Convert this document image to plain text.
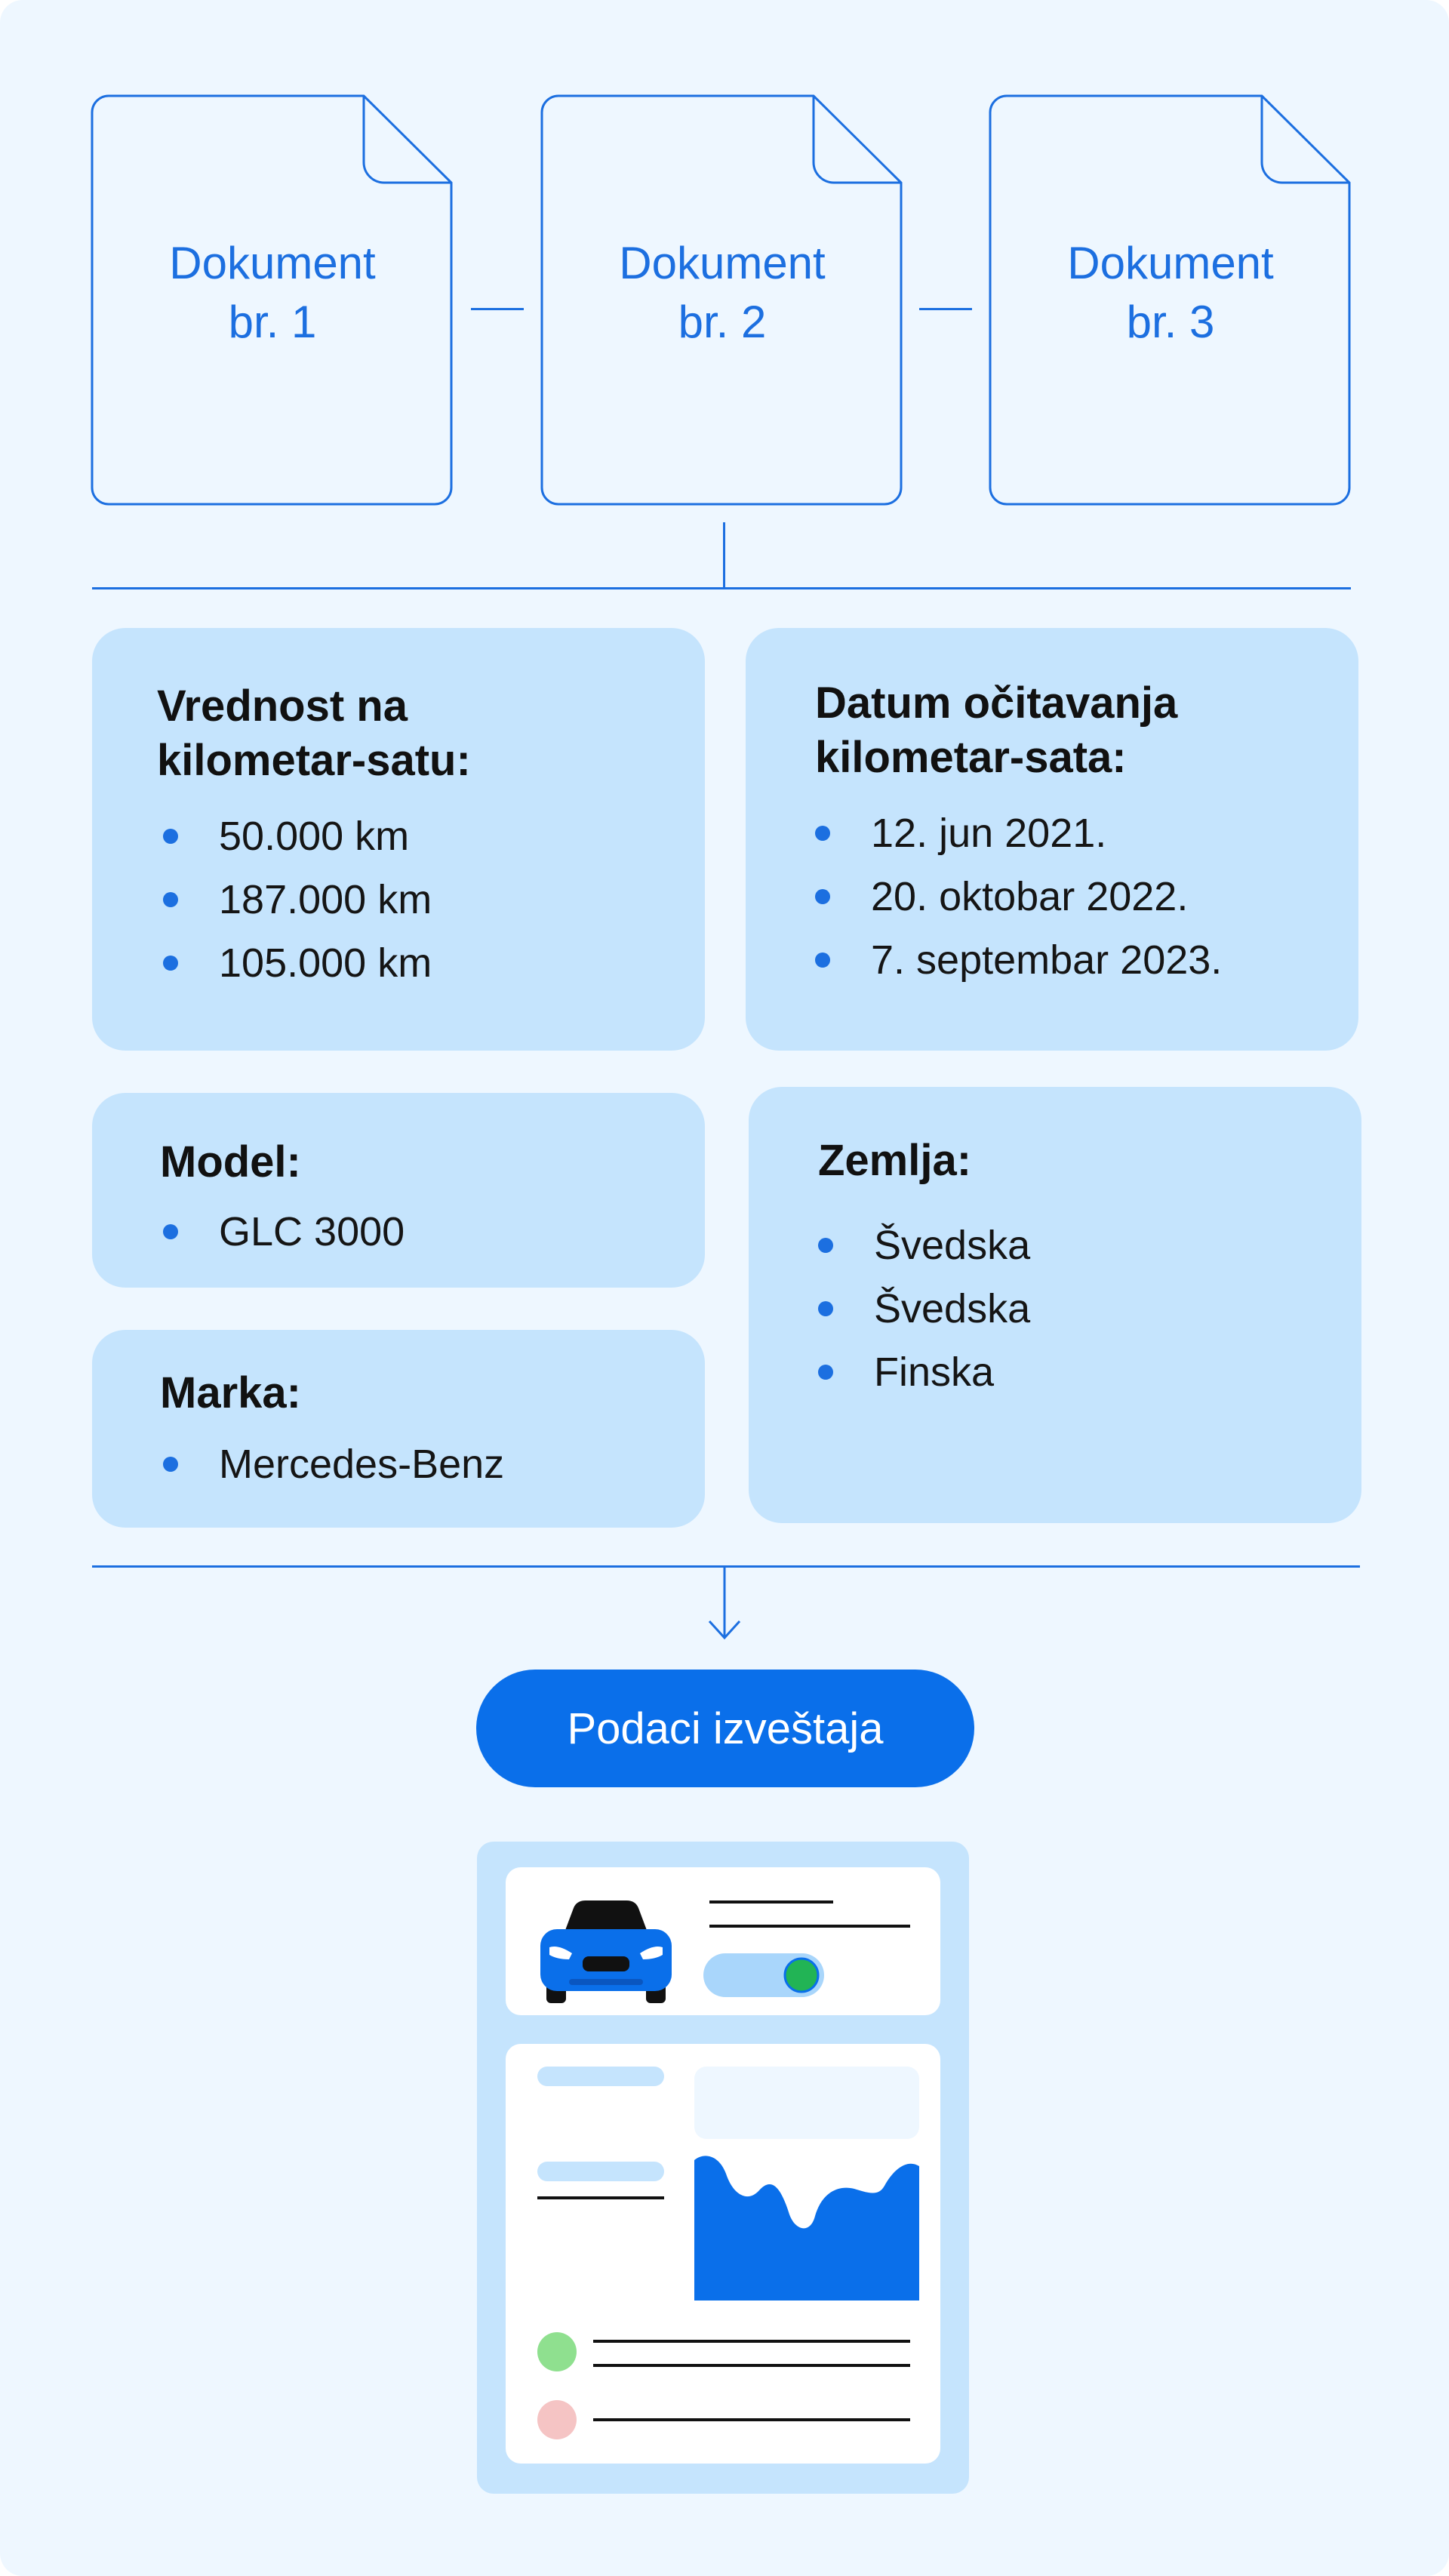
Dokument
br. 1
Dokument
br. 2
Dokument
br. 3
Vrednost na
kilometar-satu:
50.000 km
187.000 km
105.000 km
Datum očitavanja
kilometar-sata:
12. jun 2021.
20. oktobar 2022.
7. septembar 2023.
Model:
GLC 3000
Marka:
Mercedes-Benz
Zemlja:
Švedska
Švedska
Finska
Podaci izveštaja
